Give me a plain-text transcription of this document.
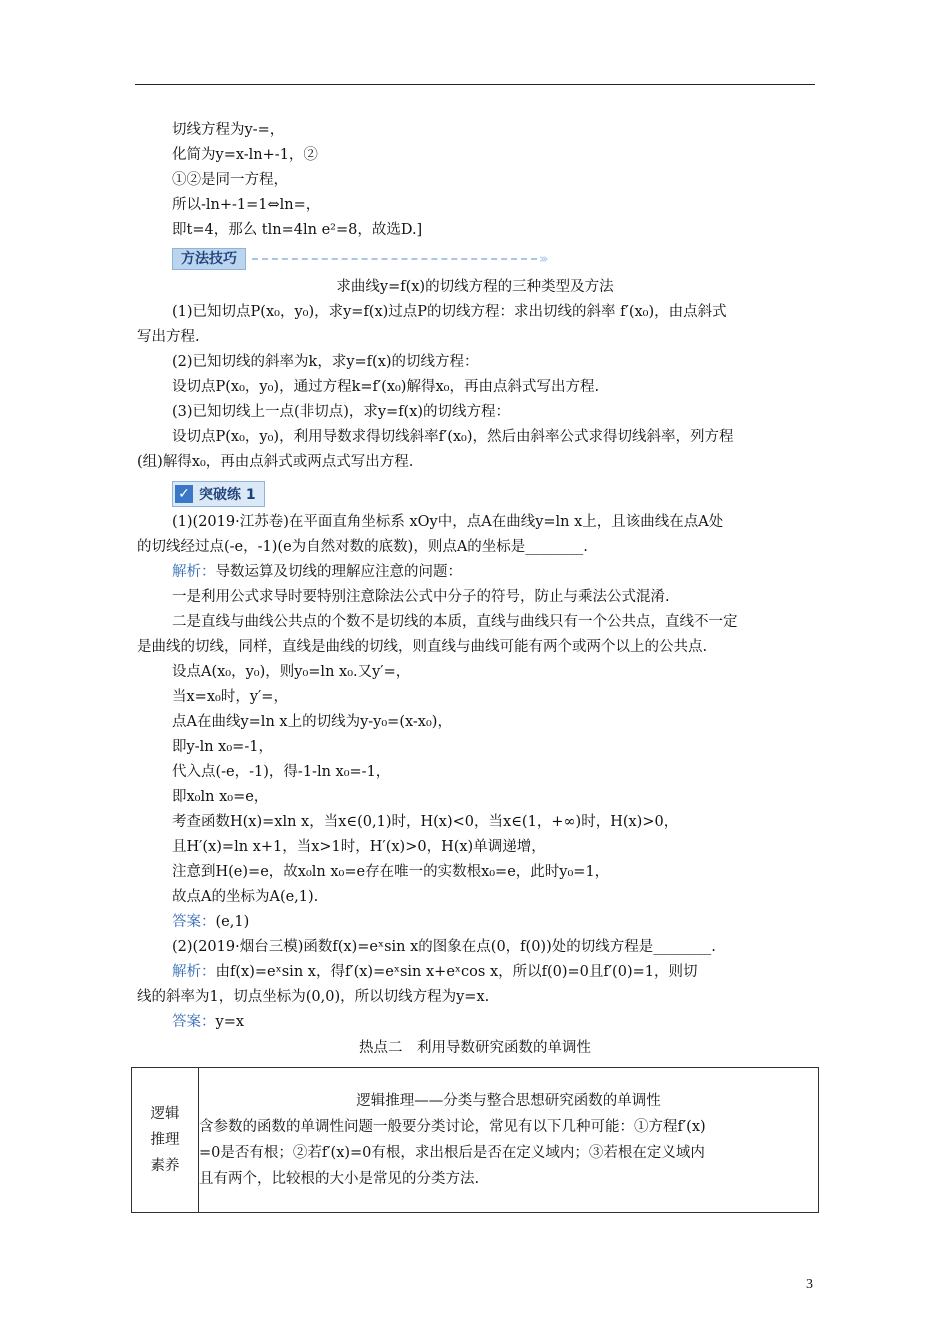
切线方程为y-=，
化简为y=x-ln+-1，②
①②是同一方程，
所以-ln+-1=1⇔ln=，
即t=4，那么 tln=4ln e²=8，故选D.]
方法技巧	›››
求曲线y=f(x)的切线方程的三种类型及方法
(1)已知切点P(x₀，y₀)，求y=f(x)过点P的切线方程：求出切线的斜率 f′(x₀)，由点斜式
写出方程.
(2)已知切线的斜率为k，求y=f(x)的切线方程：
设切点P(x₀，y₀)，通过方程k=f′(x₀)解得x₀，再由点斜式写出方程.
(3)已知切线上一点(非切点)，求y=f(x)的切线方程：
设切点P(x₀，y₀)，利用导数求得切线斜率f′(x₀)，然后由斜率公式求得切线斜率，列方程
(组)解得x₀，再由点斜式或两点式写出方程.
✓ 突破练 1
(1)(2019·江苏卷)在平面直角坐标系 xOy中，点A在曲线y=ln x上，且该曲线在点A处
的切线经过点(-e，-1)(e为自然对数的底数)，则点A的坐标是________.
解析：导数运算及切线的理解应注意的问题：
一是利用公式求导时要特别注意除法公式中分子的符号，防止与乘法公式混淆.
二是直线与曲线公共点的个数不是切线的本质，直线与曲线只有一个公共点，直线不一定
是曲线的切线，同样，直线是曲线的切线，则直线与曲线可能有两个或两个以上的公共点.
设点A(x₀，y₀)，则y₀=ln x₀.又y′=，
当x=x₀时，y′=，
点A在曲线y=ln x上的切线为y-y₀=(x-x₀)，
即y-ln x₀=-1，
代入点(-e，-1)，得-1-ln x₀=-1，
即x₀ln x₀=e，
考查函数H(x)=xln x，当x∈(0,1)时，H(x)<0，当x∈(1，+∞)时，H(x)>0，
且H′(x)=ln x+1，当x>1时，H′(x)>0，H(x)单调递增，
注意到H(e)=e，故x₀ln x₀=e存在唯一的实数根x₀=e，此时y₀=1，
故点A的坐标为A(e,1).
答案：(e,1)
(2)(2019·烟台三模)函数f(x)=eˣsin x的图象在点(0，f(0))处的切线方程是________.
解析：由f(x)=eˣsin x，得f′(x)=eˣsin x+eˣcos x，所以f(0)=0且f′(0)=1，则切
线的斜率为1，切点坐标为(0,0)，所以切线方程为y=x.
答案：y=x
热点二　利用导数研究函数的单调性
逻辑
推理
素养

逻辑推理——分类与整合思想研究函数的单调性
含参数的函数的单调性问题一般要分类讨论，常见有以下几种可能：①方程f′(x)
=0是否有根；②若f′(x)=0有根，求出根后是否在定义域内；③若根在定义域内
且有两个，比较根的大小是常见的分类方法.
3
